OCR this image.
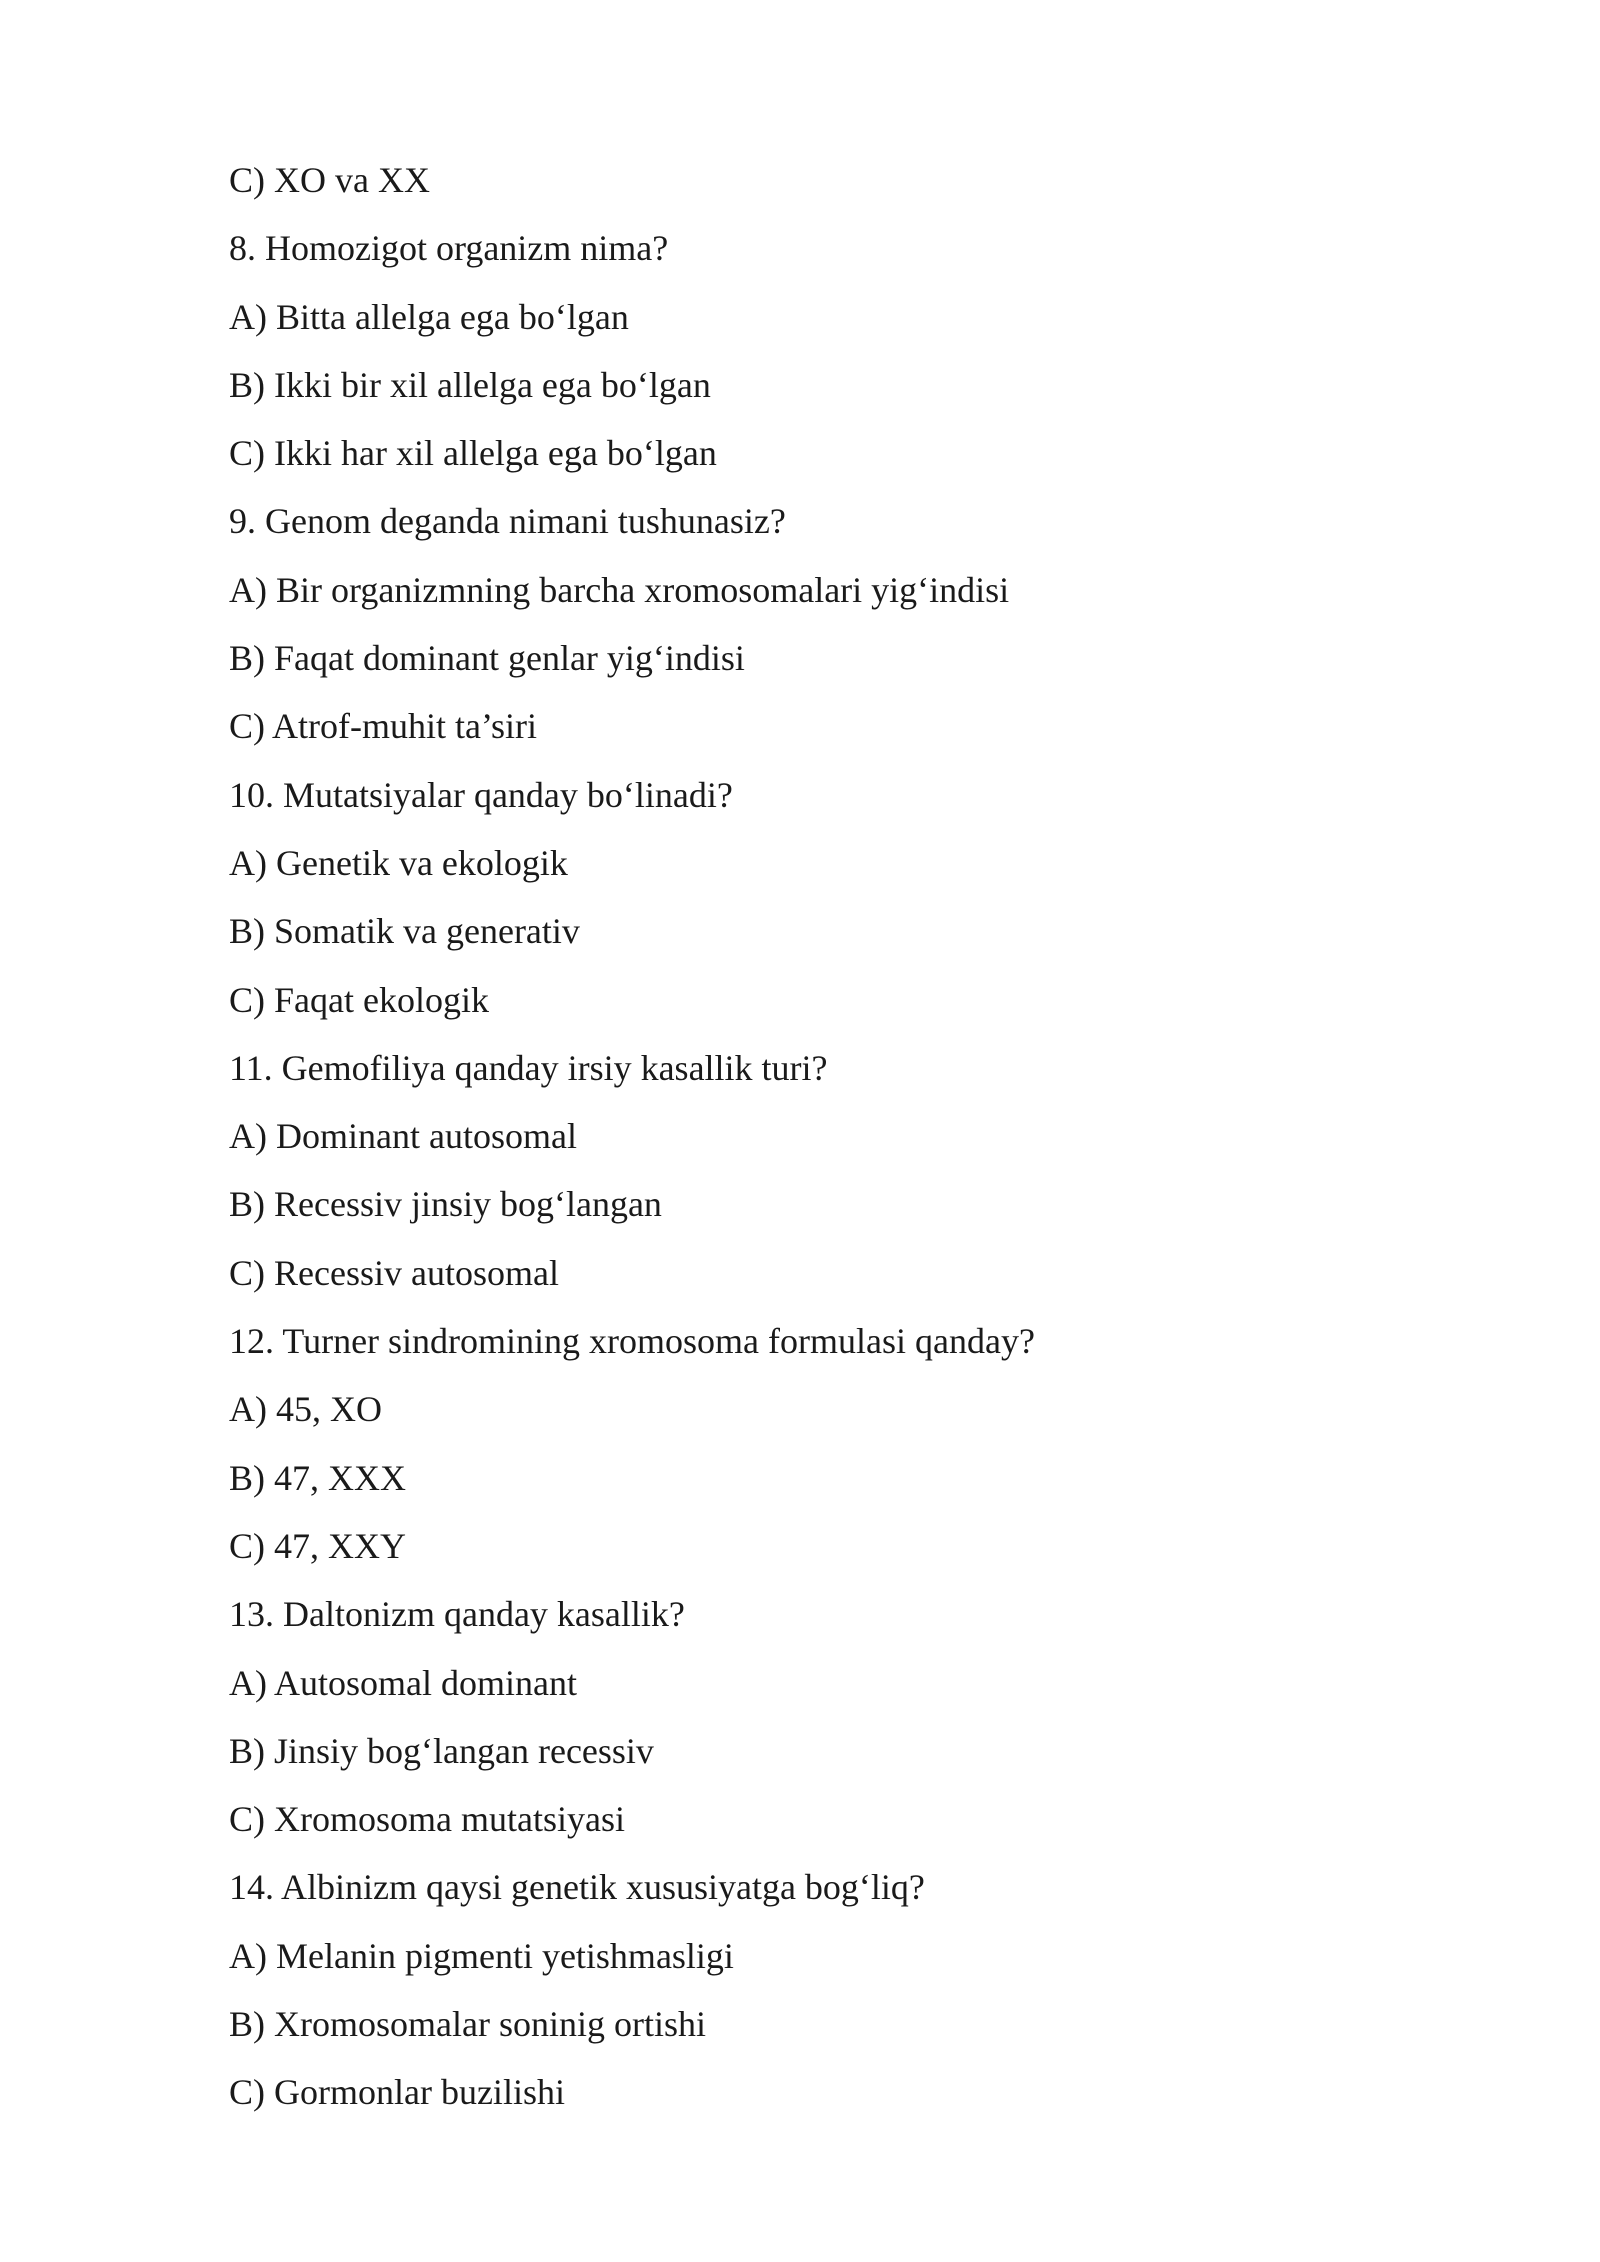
C) XO va XX
8. Homozigot organizm nima?
A) Bitta allelga ega bo‘lgan
B) Ikki bir xil allelga ega bo‘lgan
C) Ikki har xil allelga ega bo‘lgan
9. Genom deganda nimani tushunasiz?
A) Bir organizmning barcha xromosomalari yig‘indisi
B) Faqat dominant genlar yig‘indisi
C) Atrof-muhit ta’siri
10. Mutatsiyalar qanday bo‘linadi?
A) Genetik va ekologik
B) Somatik va generativ
C) Faqat ekologik
11. Gemofiliya qanday irsiy kasallik turi?
A) Dominant autosomal
B) Recessiv jinsiy bog‘langan
C) Recessiv autosomal
12. Turner sindromining xromosoma formulasi qanday?
A) 45, XO
B) 47, XXX
C) 47, XXY
13. Daltonizm qanday kasallik?
A) Autosomal dominant
B) Jinsiy bog‘langan recessiv
C) Xromosoma mutatsiyasi
14. Albinizm qaysi genetik xususiyatga bog‘liq?
A) Melanin pigmenti yetishmasligi
B) Xromosomalar soninig ortishi
C) Gormonlar buzilishi
